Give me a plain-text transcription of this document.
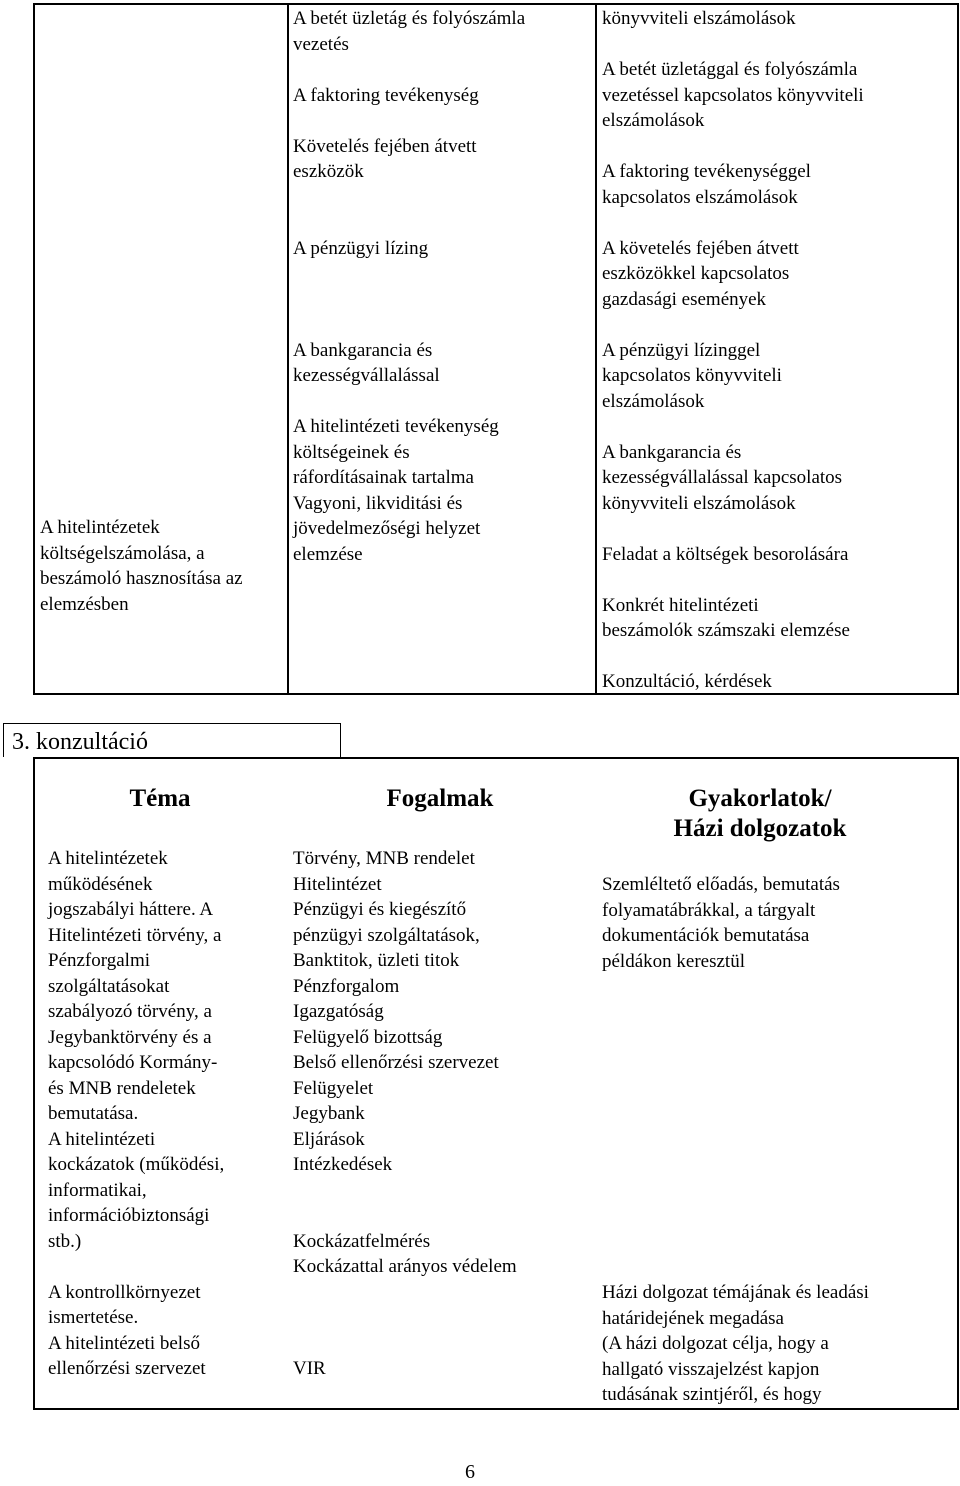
A hitelintézetek
költségelszámolása, a
beszámoló hasznosítása az
elemzésben
A betét üzletág és folyószámla
vezetés
A faktoring tevékenység
Követelés fejében átvett
eszközök
A pénzügyi lízing
A bankgarancia és
kezességvállalással
A hitelintézeti tevékenység
költségeinek és
ráfordításainak tartalma
Vagyoni, likviditási és
jövedelmezőségi helyzet
elemzése
könyvviteli elszámolások
A betét üzletággal és folyószámla
vezetéssel kapcsolatos könyvviteli
elszámolások
A faktoring tevékenységgel
kapcsolatos elszámolások
A követelés fejében átvett
eszközökkel kapcsolatos
gazdasági események
A pénzügyi lízinggel
kapcsolatos könyvviteli
elszámolások
A bankgarancia és
kezességvállalással kapcsolatos
könyvviteli elszámolások
Feladat a költségek besorolására
Konkrét hitelintézeti
beszámolók számszaki elemzése
Konzultáció, kérdések
3. konzultáció
Téma	Fogalmak	Gyakorlatok/
Házi dolgozatok
A hitelintézetek
működésének
jogszabályi háttere. A
Hitelintézeti törvény, a
Pénzforgalmi
szolgáltatásokat
szabályozó törvény, a
Jegybanktörvény és a
kapcsolódó Kormány-
és MNB rendeletek
bemutatása.
A hitelintézeti
kockázatok (működési,
informatikai,
információbiztonsági
stb.)
A kontrollkörnyezet
ismertetése.
A hitelintézeti belső
ellenőrzési szervezet
Törvény, MNB rendelet
Hitelintézet
Pénzügyi és kiegészítő
pénzügyi szolgáltatások,
Banktitok, üzleti titok
Pénzforgalom
Igazgatóság
Felügyelő bizottság
Belső ellenőrzési szervezet
Felügyelet
Jegybank
Eljárások
Intézkedések
Kockázatfelmérés
Kockázattal arányos védelem
VIR
Szemléltető előadás, bemutatás
folyamatábrákkal, a tárgyalt
dokumentációk bemutatása
példákon keresztül
Házi dolgozat témájának és leadási
határidejének megadása
(A házi dolgozat célja, hogy a
hallgató visszajelzést kapjon
tudásának szintjéről, és hogy
6
